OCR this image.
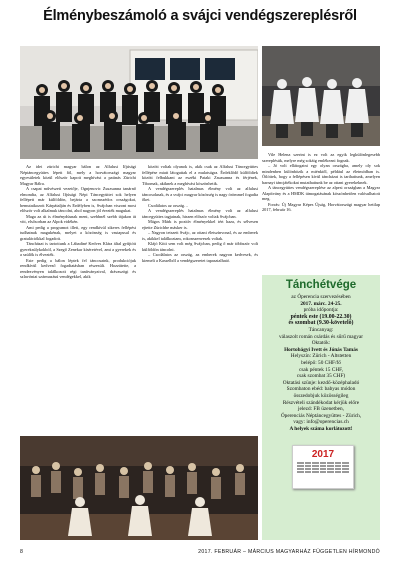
Élménybeszámoló a svájci vendégszereplésről

Az idei zürichi magyar bálon az Alfalusi Ifjúsági Néptáncegyüttes lépett föl, mely a horvátországi magyar egyesületek közül először kapott meghívást a patinás Zürichi Magyar Bálra.

A csapat művészeti vezetője, Ognjenovic Zsuzsanna tanárnő elmondta, az Alfalusi Ifjúsági Népi Táncegyüttet sok helyen fellépett már külföldön, bejárta a szomszédos országokat, bemutatkozott Kárpátalján és Erdélyben is, Svájcban viszont most először volt alkalmuk táncolni, ahol nagyon jól érezték magukat.

Maga az út is élménydúsnak ment, szebbnél szebb tájakon át vitt, elsősorban az Alpok vidékén.

Ami pedig a programot illeti, egy rendkívül sikeres fellépést tudhatnak magukénak, melyet a közönség is vastapssal és gratulációkkal fogadott.

Táncházat is tartottunk a Lábadiné Kedves Klára által gyűjtött gyereksúlykokból, a Szegő Zenekar kíséretével, ami a gyerekek és a szülők is élvezték.

Este pedig a bálon léptek fel táncosaink, produkciójuk rendkívül kedvező fogadtatásban részesült. Hozzátette, a rendezvényen találkozott régi tanítványaival, drávaszögi és szlavóniai származású vendégekkel, akik

között voltak olyanok is, akik csak az Alfalusi Táncegyüttes fellépése miatt látogattak el a mulatságra. Érdeklődő külföldiek között felbukkant az eszéki Pataki Zsuzsanna és férjének, Tibornak, akiknek a meghívást köszönhetik.

A vendégszereplés hatalmas élmény volt az alfalusi táncosoknak, és a svájci magyar közösség is nagy örömmel fogadta őket.

Csodálatos az ország…

A vendégszereplés hatalmas élmény volt az alfalusi táncegyüttes tagjainak, hiszen először voltak Svájcban.

Mágos Márk is pozitív élményekkel tért haza, és sélvesen ejtette Zürichbe másker is.

– Nagyon tetszett Svájc, az ottani életszínvonal, és az emberek is, akikkel találkoztam, rokonszenvesek voltak.

Klájó Kitti sem volt még Svájcban, pedig ő már többször volt külföldön táncolni.

– Csodálatos az ország, az emberek nagyon kedvesek, és kiemeli a Kasselből a vendégszeretet tapasztalható.

Vile Helena szerint is ez volt az egyik legkülönlegesebb szereplésük, melyre még sokáig emlékezni fognak.

– Jó volt ellátogatni egy olyan országba, amely oly sok mindenben különbözik a miénktől, például az életmódban is. Ötlöttek, hogy a fellépésen kívül táncházat is tarthattunk, amelyen barnayi táncjátékokat mutathattunk be az ottani gyerekeknek.

A táncegyüttes vendégszereplése az alpesi országban a Magyar Alapítvány és a HMDK támogatásának köszönhetően valósulhatott meg.

Forrás: Új Magyar Képes Újság, Horvátországi magyar hetilap 2017, február 16.

Tánchétvége
az Óperencia szervezésében
2017. márc. 24-25.
próba időpontja:
péntek este (19.00-22.30)
és szombat (9.30-követelő)
Táncanyag:
válaszolt román csárdás és sűrű magyar
Oktatók:
Hortobágyi Ivett és Jónás Tamás
Helyszín: Zürich - Altstetten
belépő: 50 CHF/fő
csak péntek 15 CHF,
csak szombat 35 CHF)
Oktatási szünje: kezdő-középhaladó
Szombaton ebéd: babyas módon
összedobjuk közösségileg
Részvételi szándékodat kérjük előre
jelezd: FB üzenetben,
Óperenciás Néptáncegyüttes - Zürich,
vagy: info@operencias.ch
A helyek száma korlátozott!
2017
8	2017. FEBRUÁR – MÁRCIUS MAGYARHÁZ FÜGGETLEN HÍRMONDÓ
